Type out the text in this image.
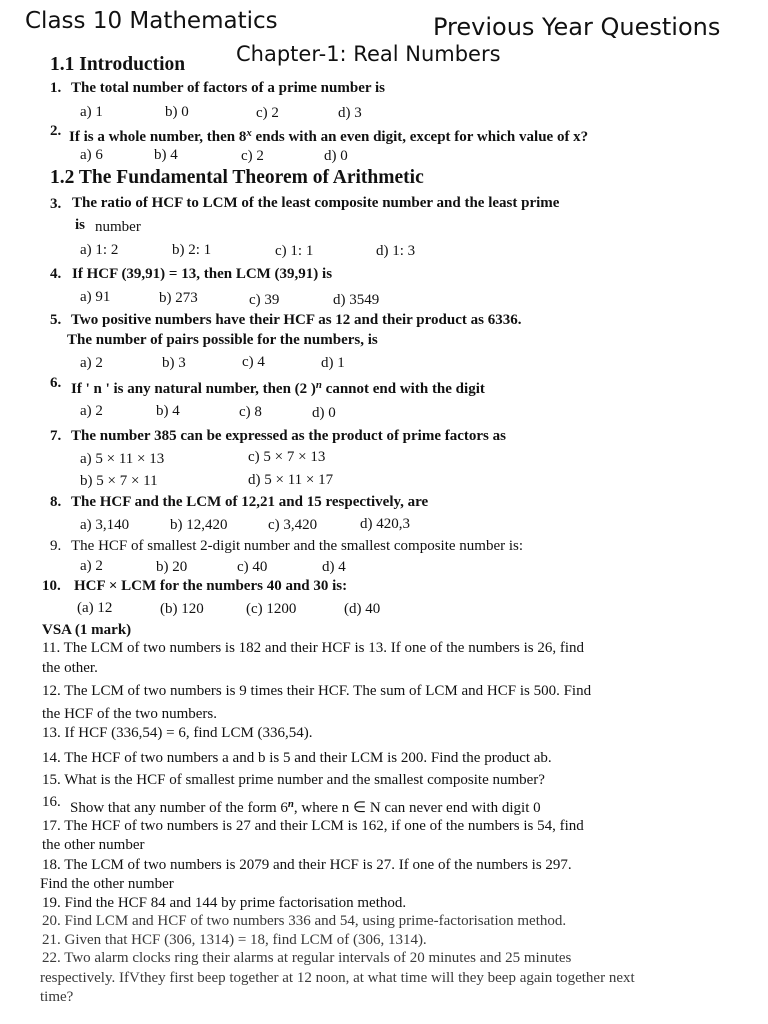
Class 10 Mathematics	Previous Year Questions
Chapter-1: Real Numbers
1.1 Introduction
1. The total number of factors of a prime number is
a) 1	b) 0	c) 2	d) 3
2. If is a whole number, then 8$^x$ ends with an even digit, except for which value of x?
a) 6	b) 4	c) 2	d) 0
1.2 The Fundamental Theorem of Arithmetic
3. The ratio of HCF to LCM of the least composite number and the least prime
is number
a) 1: 2	b) 2: 1	c) 1: 1	d) 1: 3
4. If HCF (39,91) = 13, then LCM (39,91) is
a) 91	b) 273	c) 39	d) 3549
5. Two positive numbers have their HCF as 12 and their product as 6336.
The number of pairs possible for the numbers, is
a) 2	b) 3	c) 4	d) 1
6. If ' n ' is any natural number, then (2 )$^n$ cannot end with the digit
a) 2	b) 4	c) 8	d) 0
7. The number 385 can be expressed as the product of prime factors as
a) 5 × 11 × 13	c) 5 × 7 × 13
b) 5 × 7 × 11	d) 5 × 11 × 17
8. The HCF and the LCM of 12,21 and 15 respectively, are
a) 3,140	b) 12,420	c) 3,420	d) 420,3
9. The HCF of smallest 2-digit number and the smallest composite number is:
a) 2	b) 20	c) 40	d) 4
10. HCF × LCM for the numbers 40 and 30 is:
(a) 12	(b) 120	(c) 1200	(d) 40
VSA (1 mark)
11. The LCM of two numbers is 182 and their HCF is 13. If one of the numbers is 26, find
the other.
12. The LCM of two numbers is 9 times their HCF. The sum of LCM and HCF is 500. Find
the HCF of the two numbers.
13. If HCF (336,54) = 6, find LCM (336,54).
14. The HCF of two numbers a and b is 5 and their LCM is 200. Find the product ab.
15. What is the HCF of smallest prime number and the smallest composite number?
16. Show that any number of the form 6$^n$, where n ∈ N can never end with digit 0
17. The HCF of two numbers is 27 and their LCM is 162, if one of the numbers is 54, find
the other number
18. The LCM of two numbers is 2079 and their HCF is 27. If one of the numbers is 297.
Find the other number
19. Find the HCF 84 and 144 by prime factorisation method.
20. Find LCM and HCF of two numbers 336 and 54, using prime-factorisation method.
21. Given that HCF (306, 1314) = 18, find LCM of (306, 1314).
22. Two alarm clocks ring their alarms at regular intervals of 20 minutes and 25 minutes
respectively. IfVthey first beep together at 12 noon, at what time will they beep again together next
time?
